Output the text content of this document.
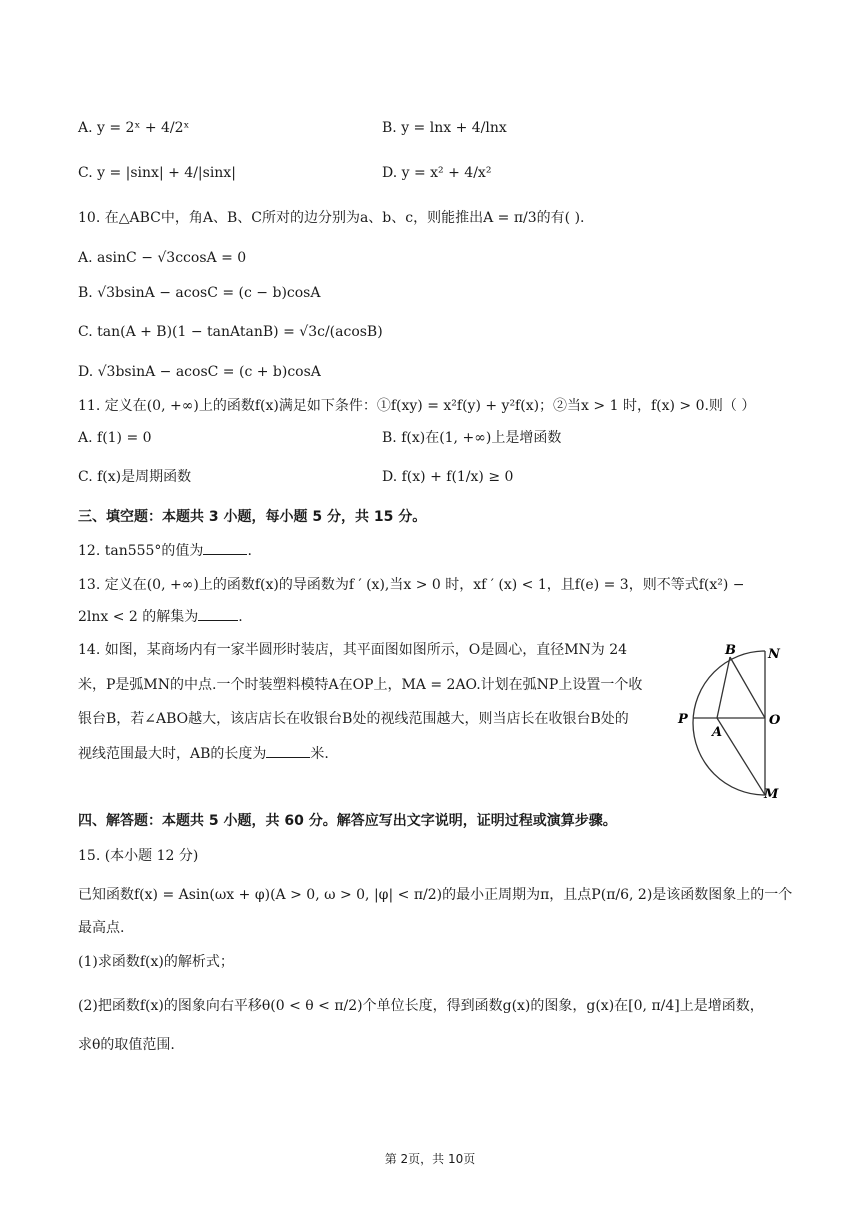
A. y = 2ˣ + 4/2ˣ	B. y = lnx + 4/lnx
C. y = |sinx| + 4/|sinx|	D. y = x² + 4/x²
10. 在△ABC中，角A、B、C所对的边分别为a、b、c，则能推出A = π/3的有( ).
A. asinC − √3ccosA = 0
B. √3bsinA − acosC = (c − b)cosA
C. tan(A + B)(1 − tanAtanB) = √3c/(acosB)
D. √3bsinA − acosC = (c + b)cosA
11. 定义在(0, +∞)上的函数f(x)满足如下条件：①f(xy) = x²f(y) + y²f(x)；②当x > 1 时，f(x) > 0.则（ ）
A. f(1) = 0	B. f(x)在(1, +∞)上是增函数
C. f(x)是周期函数	D. f(x) + f(1/x) ≥ 0
三、填空题：本题共 3 小题，每小题 5 分，共 15 分。
12. tan555°的值为	.
13. 定义在(0, +∞)上的函数f(x)的导函数为f ′ (x),当x > 0 时，xf ′ (x) < 1，且f(e) = 3，则不等式f(x²) −
2lnx < 2 的解集为	.
14. 如图，某商场内有一家半圆形时装店，其平面图如图所示，O是圆心，直径MN为 24
米，P是弧MN的中点.一个时装塑料模特A在OP上，MA = 2AO.计划在弧NP上设置一个收
银台B，若∠ABO越大，该店店长在收银台B处的视线范围越大，则当店长在收银台B处的
视线范围最大时，AB的长度为	米.
B N
P	O
A
M
四、解答题：本题共 5 小题，共 60 分。解答应写出文字说明，证明过程或演算步骤。
15. (本小题 12 分)
已知函数f(x) = Asin(ωx + φ)(A > 0, ω > 0, |φ| < π/2)的最小正周期为π，且点P(π/6, 2)是该函数图象上的一个
最高点.
(1)求函数f(x)的解析式；
(2)把函数f(x)的图象向右平移θ(0 < θ < π/2)个单位长度，得到函数g(x)的图象，g(x)在[0, π/4]上是增函数，
求θ的取值范围.
第 2页，共 10页
